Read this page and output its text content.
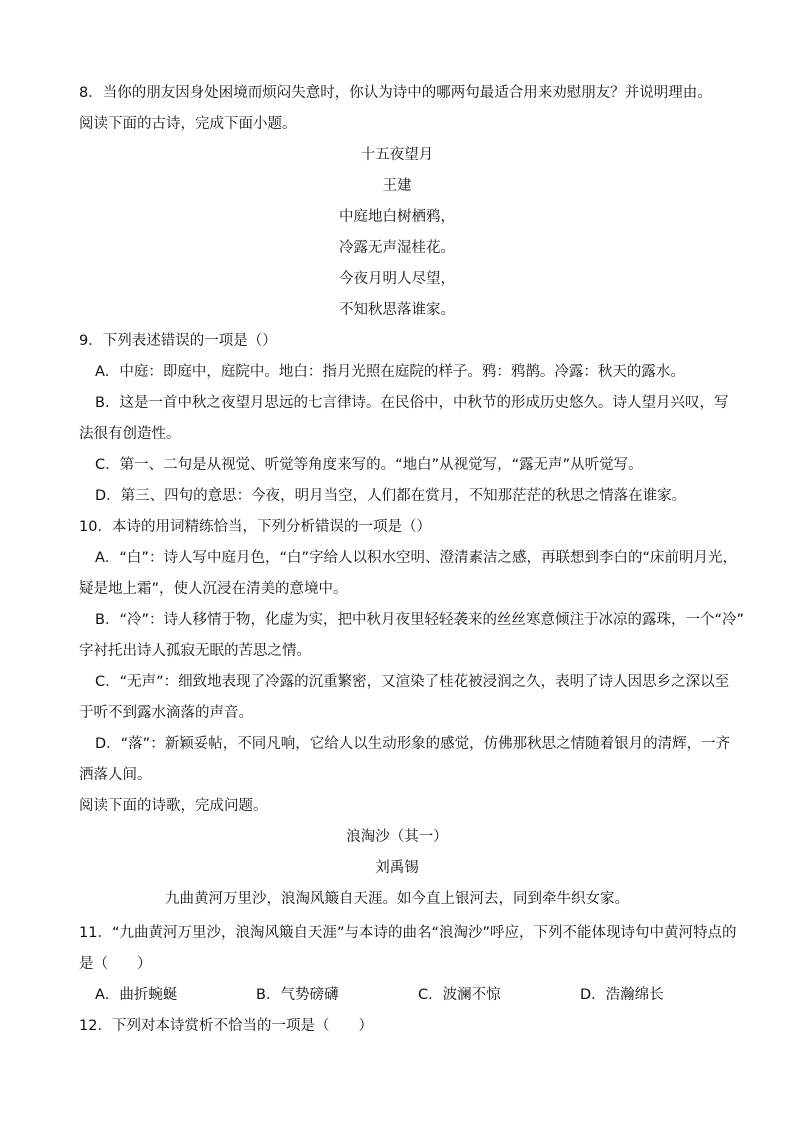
8．当你的朋友因身处困境而烦闷失意时，你认为诗中的哪两句最适合用来劝慰朋友？并说明理由。
阅读下面的古诗，完成下面小题。
十五夜望月
王建
中庭地白树栖鸦，
冷露无声湿桂花。
今夜月明人尽望，
不知秋思落谁家。
9．下列表述错误的一项是（）
A．中庭：即庭中，庭院中。地白：指月光照在庭院的样子。鸦：鸦鹊。冷露：秋天的露水。
B．这是一首中秋之夜望月思远的七言律诗。在民俗中，中秋节的形成历史悠久。诗人望月兴叹，写
法很有创造性。
C．第一、二句是从视觉、听觉等角度来写的。“地白”从视觉写，“露无声”从听觉写。
D．第三、四句的意思：今夜，明月当空，人们都在赏月，不知那茫茫的秋思之情落在谁家。
10．本诗的用词精练恰当，下列分析错误的一项是（）
A．“白”：诗人写中庭月色，“白”字给人以积水空明、澄清素洁之感，再联想到李白的“床前明月光，
疑是地上霜”，使人沉浸在清美的意境中。
B．“冷”：诗人移情于物，化虚为实，把中秋月夜里轻轻袭来的丝丝寒意倾注于冰凉的露珠，一个“冷”
字衬托出诗人孤寂无眠的苦思之情。
C．“无声”：细致地表现了冷露的沉重繁密，又渲染了桂花被浸润之久，表明了诗人因思乡之深以至
于听不到露水滴落的声音。
D．“落”：新颖妥帖，不同凡响，它给人以生动形象的感觉，仿佛那秋思之情随着银月的清辉，一齐
洒落人间。
阅读下面的诗歌，完成问题。
浪淘沙（其一）
刘禹锡
九曲黄河万里沙，浪淘风簸自天涯。如今直上银河去，同到牵牛织女家。
11．“九曲黄河万里沙，浪淘风簸自天涯”与本诗的曲名“浪淘沙”呼应，下列不能体现诗句中黄河特点的
是（　　）
A．曲折蜿蜒	B．气势磅礴	C．波澜不惊	D．浩瀚绵长
12．下列对本诗赏析不恰当的一项是（　　）
